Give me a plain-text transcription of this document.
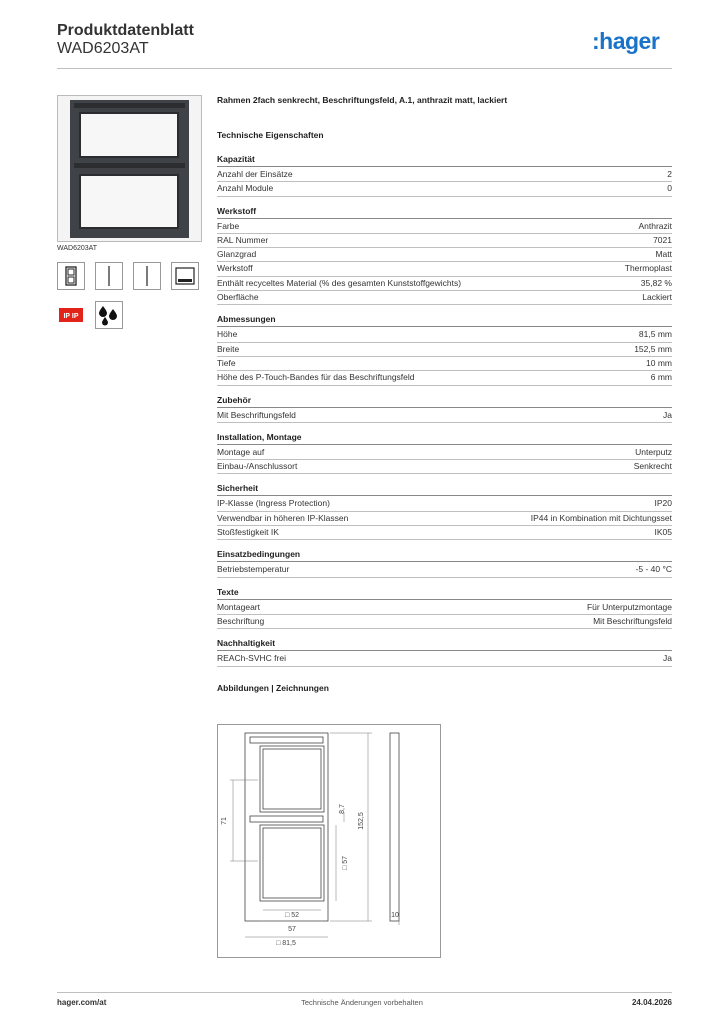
Produktdatenblatt
WAD6203AT	:hager
WAD6203AT
IP IP
Rahmen 2fach senkrecht, Beschriftungsfeld, A.1, anthrazit matt, lackiert
Technische Eigenschaften
Kapazität
Anzahl der Einsätze	2
Anzahl Module	0
Werkstoff
Farbe	Anthrazit
RAL Nummer	7021
Glanzgrad	Matt
Werkstoff	Thermoplast
Enthält recyceltes Material (% des gesamten Kunststoffgewichts)	35,82 %
Oberfläche	Lackiert
Abmessungen
Höhe	81,5 mm
Breite	152,5 mm
Tiefe	10 mm
Höhe des P-Touch-Bandes für das Beschriftungsfeld	6 mm
Zubehör
Mit Beschriftungsfeld	Ja
Installation, Montage
Montage auf	Unterputz
Einbau-/Anschlussort	Senkrecht
Sicherheit
IP-Klasse (Ingress Protection)	IP20
Verwendbar in höheren IP-Klassen	IP44 in Kombination mit Dichtungsset
Stoßfestigkeit IK	IK05
Einsatzbedingungen
Betriebstemperatur	-5 - 40 °C
Texte
Montageart	Für Unterputzmontage
Beschriftung	Mit Beschriftungsfeld
Nachhaltigkeit
REACh-SVHC frei	Ja
Abbildungen | Zeichnungen
71
8,7
152,5
□ 57
□ 52
57
□ 81,5
10
hager.com/at	Technische Änderungen vorbehalten	24.04.2026
